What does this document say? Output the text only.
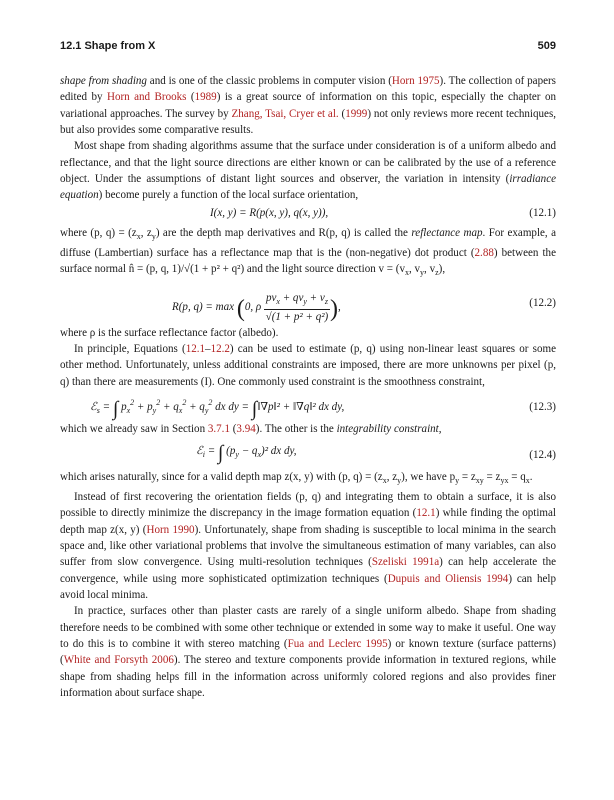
12.1 Shape from X	509

shape from shading and is one of the classic problems in computer vision (Horn 1975). The collection of papers edited by Horn and Brooks (1989) is a great source of information on this topic, especially the chapter on variational approaches. The survey by Zhang, Tsai, Cryer et al. (1999) not only reviews more recent techniques, but also provides some comparative results.

Most shape from shading algorithms assume that the surface under consideration is of a uniform albedo and reflectance, and that the light source directions are either known or can be calibrated by the use of a reference object. Under the assumptions of distant light sources and observer, the variation in intensity (irradiance equation) become purely a function of the local surface orientation,

I(x, y) = R(p(x, y), q(x, y)),	(12.1)

where (p, $q) = (z_x$, $z_y$) are the depth map derivatives and R(p, q) is called the reflectance map. For example, a diffuse (Lambertian) surface has a reflectance map that is the (non-negative) dot product (2.88) between the surface normal n̂ = (p, q, 1)/√(1 + p² + q²) and the light source direction $v = (v_x$, $v_y$, $v_z$),

R(p, q) = max (0, ρ $\frac{pv_x + qv_y + v_z}{\text{√(1 + p² + q²)}}$ ),	(12.2)

where ρ is the surface reflectance factor (albedo).

In principle, Equations (12.1–12.2) can be used to estimate (p, q) using non-linear least squares or some other method. Unfortunately, unless additional constraints are imposed, there are more unknowns per pixel (p, q) than there are measurements (I). One commonly used constraint is the smoothness constraint,

ℰ$_s$ = ∫ $p_x^2 + p_y^2 + q_x^2 + q_y^2$ dx dy = ∫‖∇p‖² + ‖∇q‖² dx dy,	(12.3)

which we already saw in Section 3.7.1 (3.94). The other is the integrability constraint,

ℰ$_i$ = ∫ $(p_y - q_x)^2$ dx dy,	(12.4)

which arises naturally, since for a valid depth map z(x, y) with (p, $q) = (z_x$, $z_y$), we have $p_y = z_{xy} = z_{yx} = q_x$.

Instead of first recovering the orientation fields (p, q) and integrating them to obtain a surface, it is also possible to directly minimize the discrepancy in the image formation equation (12.1) while finding the optimal depth map z(x, y) (Horn 1990). Unfortunately, shape from shading is susceptible to local minima in the search space and, like other variational problems that involve the simultaneous estimation of many variables, can also suffer from slow convergence. Using multi-resolution techniques (Szeliski 1991a) can help accelerate the convergence, while using more sophisticated optimization techniques (Dupuis and Oliensis 1994) can help avoid local minima.

In practice, surfaces other than plaster casts are rarely of a single uniform albedo. Shape from shading therefore needs to be combined with some other technique or extended in some way to make it useful. One way to do this is to combine it with stereo matching (Fua and Leclerc 1995) or known texture (surface patterns) (White and Forsyth 2006). The stereo and texture components provide information in textured regions, while shape from shading helps fill in the information across uniformly colored regions and also provides finer information about surface shape.
